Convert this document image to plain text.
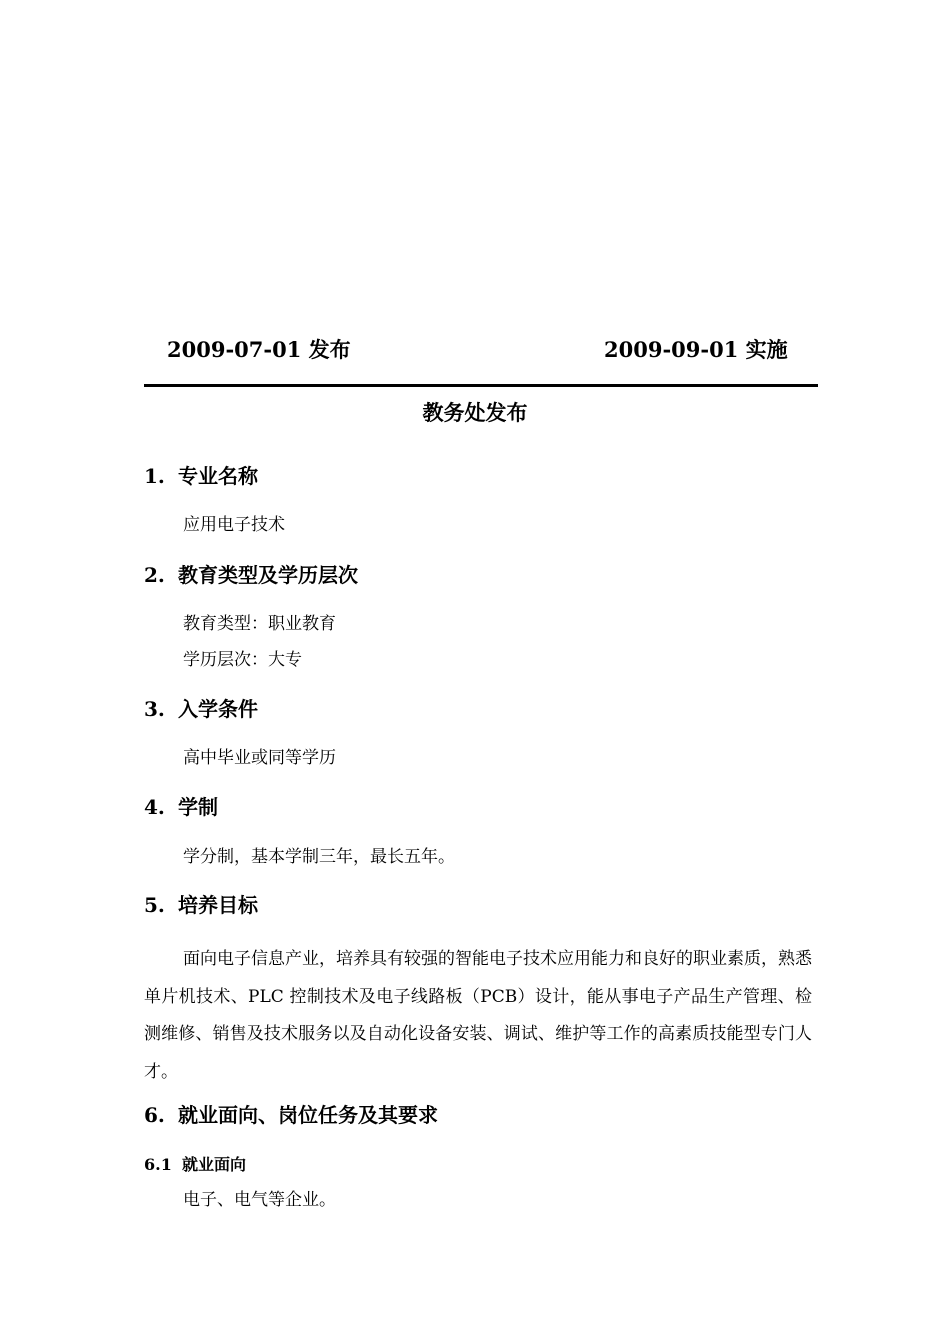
2009-07-01 发布	2009-09-01 实施
教务处发布
1. 专业名称
应用电子技术
2. 教育类型及学历层次
教育类型：职业教育
学历层次：大专
3. 入学条件
高中毕业或同等学历
4. 学制
学分制，基本学制三年，最长五年。
5. 培养目标
面向电子信息产业，培养具有较强的智能电子技术应用能力和良好的职业素质，熟悉单片机技术、PLC 控制技术及电子线路板（PCB）设计，能从事电子产品生产管理、检测维修、销售及技术服务以及自动化设备安装、调试、维护等工作的高素质技能型专门人才。
6. 就业面向、岗位任务及其要求
6.1 就业面向
电子、电气等企业。
